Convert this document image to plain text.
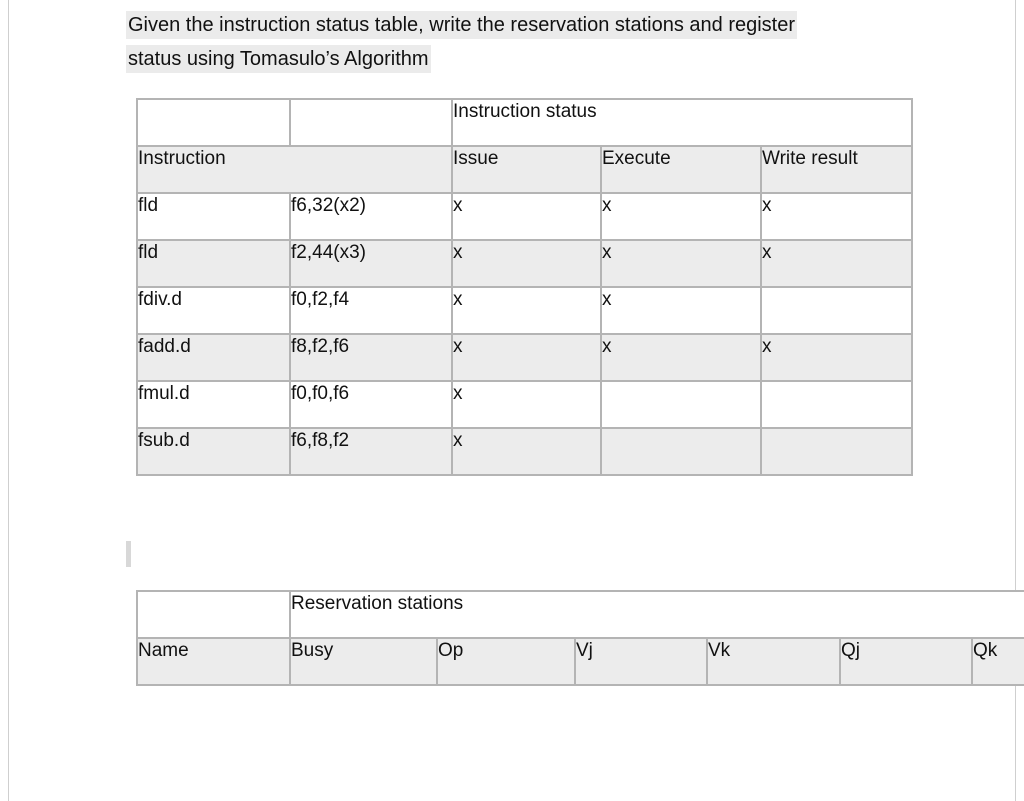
Given the instruction status table, write the reservation stations and register
status using Tomasulo’s Algorithm
		Instruction status		
Instruction		Issue	Execute	Write result
fld	f6,32(x2)	x	x	x
fld	f2,44(x3)	x	x	x
fdiv.d	f0,f2,f4	x	x	
fadd.d	f8,f2,f6	x	x	x
fmul.d	f0,f0,f6	x		
fsub.d	f6,f8,f2	x		
	Reservation stations					
Name	Busy	Op	Vj	Vk	Qj	Qk
